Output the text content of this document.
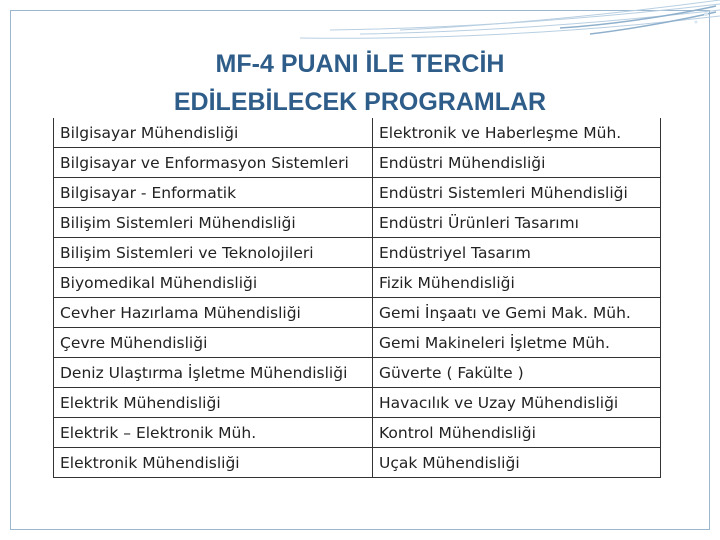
MF-4 PUANI İLE TERCİH
EDİLEBİLECEK PROGRAMLAR
Bilgisayar Mühendisliği	Elektronik ve Haberleşme Müh.
Bilgisayar ve Enformasyon Sistemleri	Endüstri Mühendisliği
Bilgisayar - Enformatik	Endüstri Sistemleri Mühendisliği
Bilişim Sistemleri Mühendisliği	Endüstri Ürünleri Tasarımı
Bilişim Sistemleri ve Teknolojileri	Endüstriyel Tasarım
Biyomedikal Mühendisliği	Fizik Mühendisliği
Cevher Hazırlama Mühendisliği	Gemi İnşaatı ve Gemi Mak. Müh.
Çevre Mühendisliği	Gemi Makineleri İşletme Müh.
Deniz Ulaştırma İşletme Mühendisliği	Güverte ( Fakülte )
Elektrik Mühendisliği	Havacılık ve Uzay Mühendisliği
Elektrik – Elektronik Müh.	Kontrol Mühendisliği
Elektronik Mühendisliği	Uçak Mühendisliği
